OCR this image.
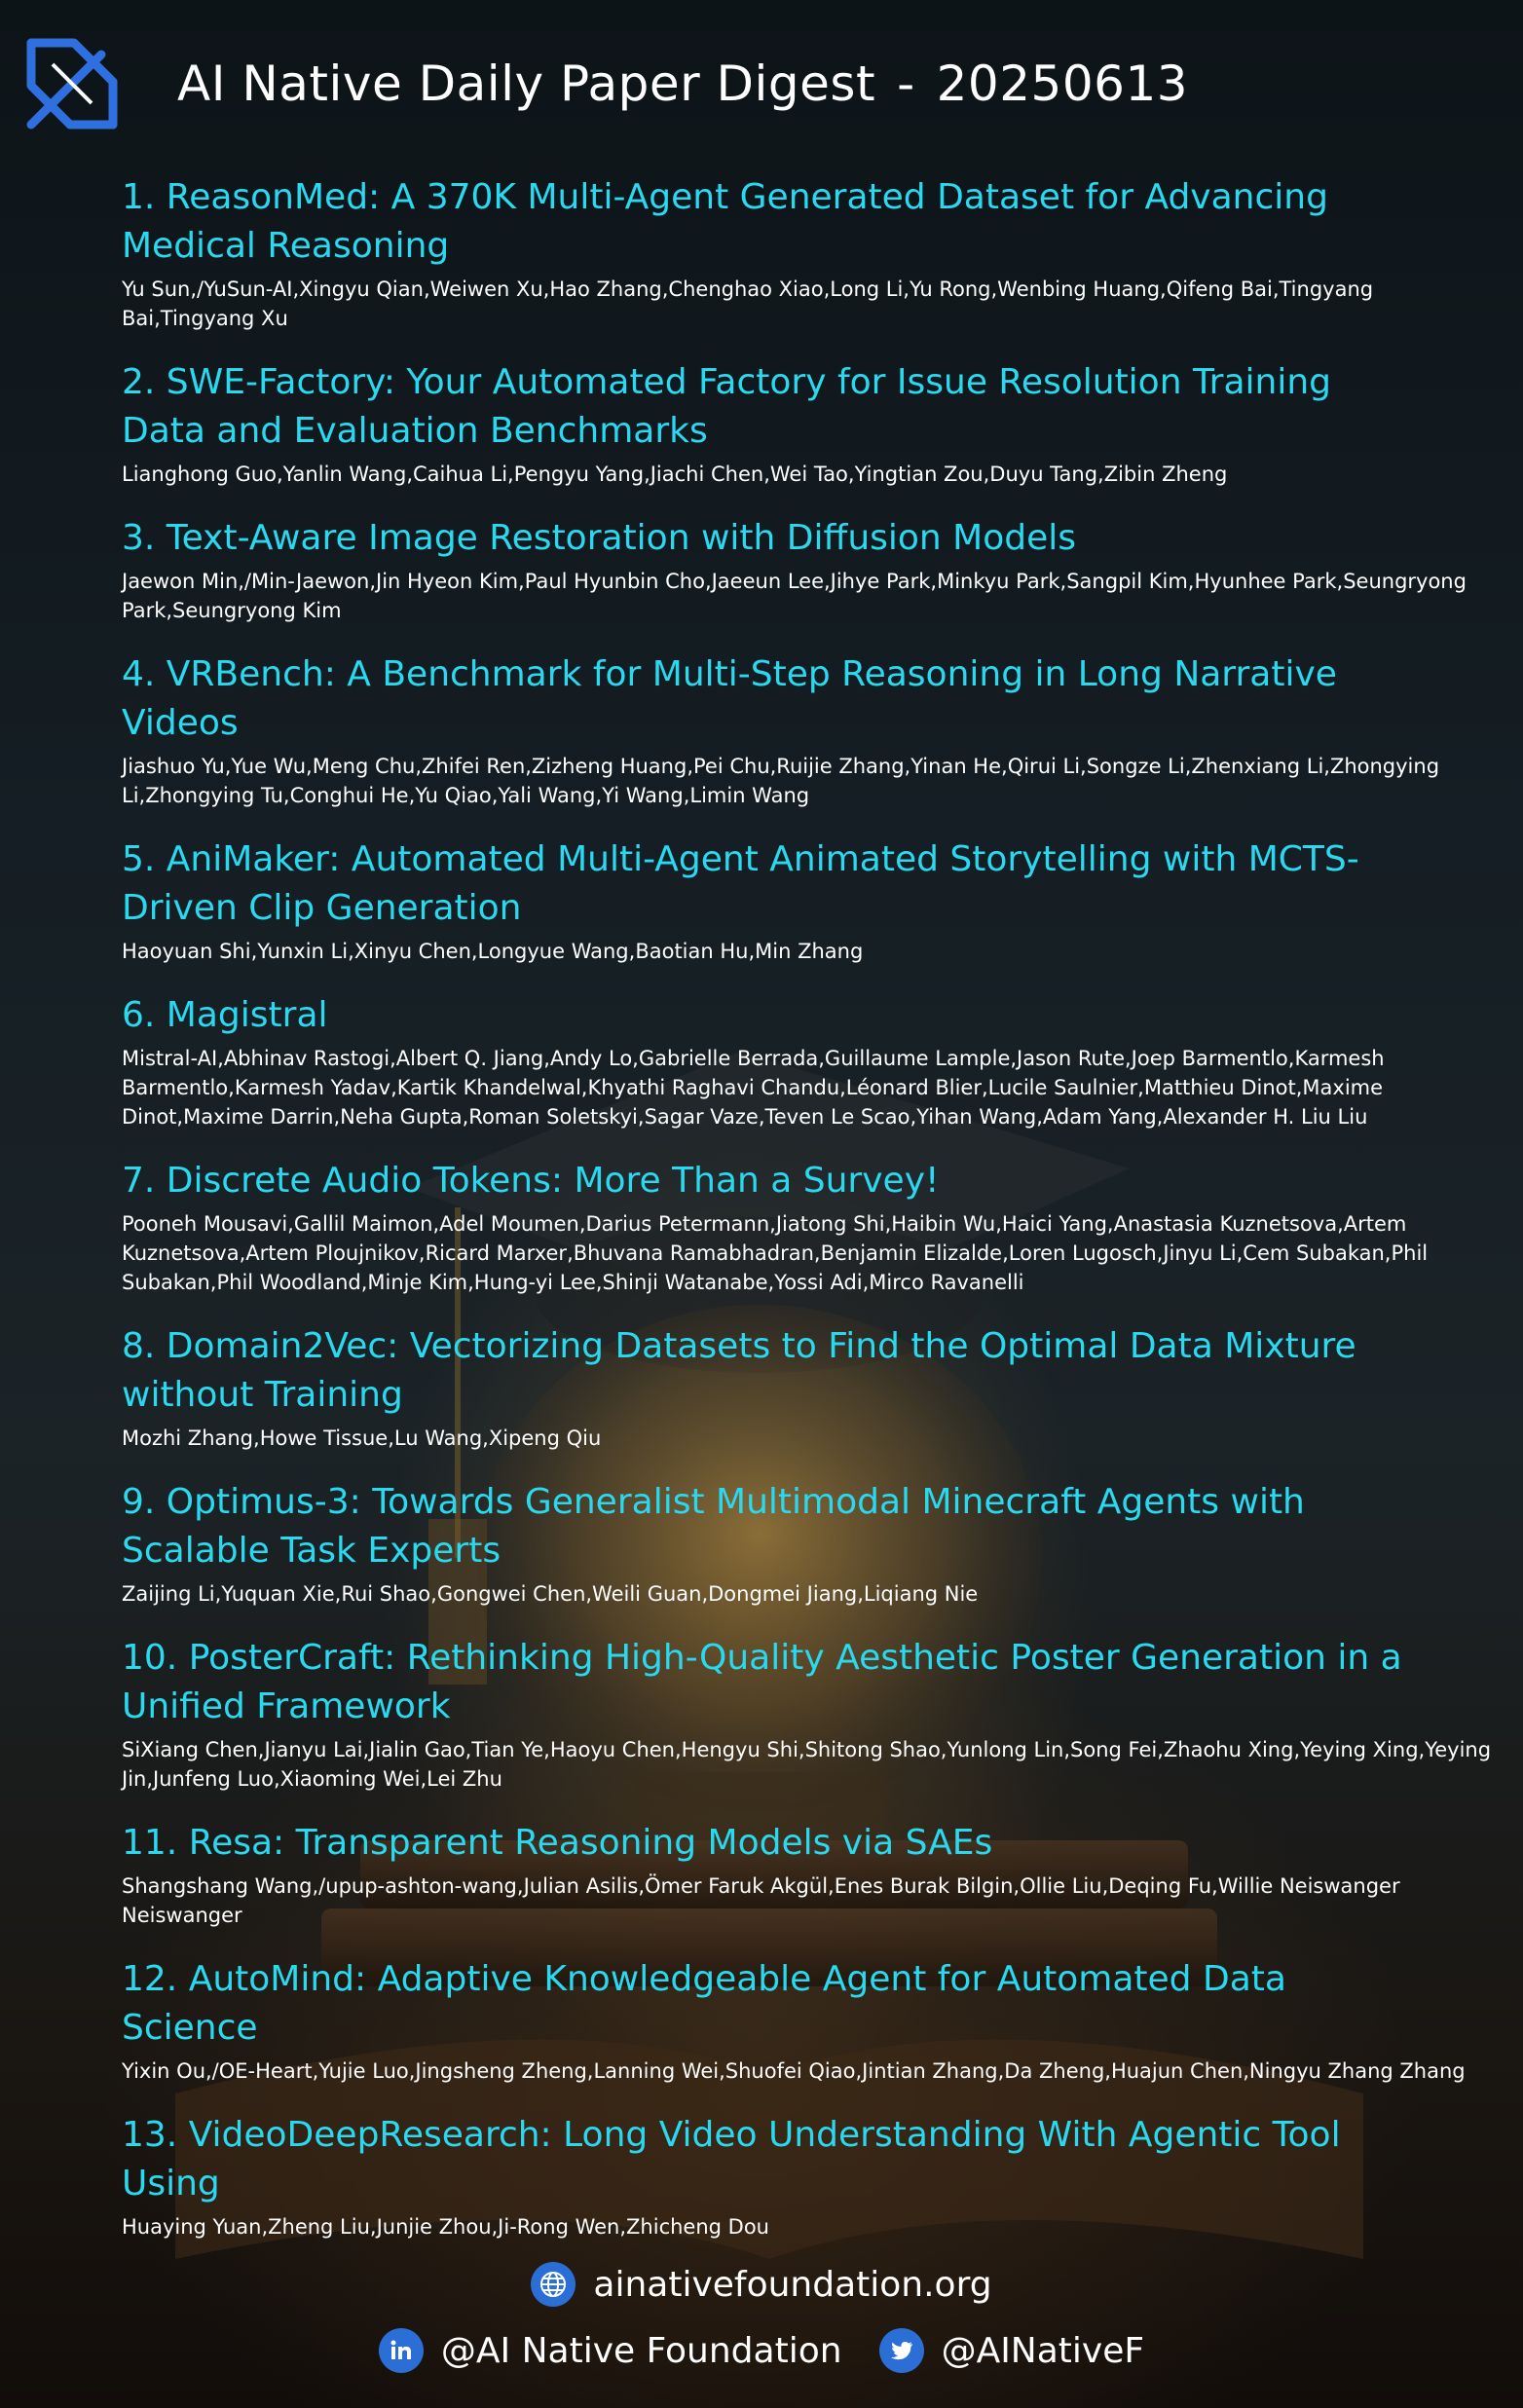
AI Native Daily Paper Digest - 20250613
1. ReasonMed: A 370K Multi-Agent Generated Dataset for Advancing Medical Reasoning
Yu Sun,/YuSun-AI,Xingyu Qian,Weiwen Xu,Hao Zhang,Chenghao Xiao,Long Li,Yu Rong,Wenbing Huang,Qifeng Bai,Tingyang Bai,Tingyang Xu
2. SWE-Factory: Your Automated Factory for Issue Resolution Training Data and Evaluation Benchmarks
Lianghong Guo,Yanlin Wang,Caihua Li,Pengyu Yang,Jiachi Chen,Wei Tao,Yingtian Zou,Duyu Tang,Zibin Zheng
3. Text-Aware Image Restoration with Diffusion Models
Jaewon Min,/Min-Jaewon,Jin Hyeon Kim,Paul Hyunbin Cho,Jaeeun Lee,Jihye Park,Minkyu Park,Sangpil Kim,Hyunhee Park,Seungryong Park,Seungryong Kim
4. VRBench: A Benchmark for Multi-Step Reasoning in Long Narrative Videos
Jiashuo Yu,Yue Wu,Meng Chu,Zhifei Ren,Zizheng Huang,Pei Chu,Ruijie Zhang,Yinan He,Qirui Li,Songze Li,Zhenxiang Li,Zhongying Li,Zhongying Tu,Conghui He,Yu Qiao,Yali Wang,Yi Wang,Limin Wang
5. AniMaker: Automated Multi-Agent Animated Storytelling with MCTS-Driven Clip Generation
Haoyuan Shi,Yunxin Li,Xinyu Chen,Longyue Wang,Baotian Hu,Min Zhang
6. Magistral
Mistral-AI,Abhinav Rastogi,Albert Q. Jiang,Andy Lo,Gabrielle Berrada,Guillaume Lample,Jason Rute,Joep Barmentlo,Karmesh Barmentlo,Karmesh Yadav,Kartik Khandelwal,Khyathi Raghavi Chandu,Léonard Blier,Lucile Saulnier,Matthieu Dinot,Maxime Dinot,Maxime Darrin,Neha Gupta,Roman Soletskyi,Sagar Vaze,Teven Le Scao,Yihan Wang,Adam Yang,Alexander H. Liu Liu
7. Discrete Audio Tokens: More Than a Survey!
Pooneh Mousavi,Gallil Maimon,Adel Moumen,Darius Petermann,Jiatong Shi,Haibin Wu,Haici Yang,Anastasia Kuznetsova,Artem Kuznetsova,Artem Ploujnikov,Ricard Marxer,Bhuvana Ramabhadran,Benjamin Elizalde,Loren Lugosch,Jinyu Li,Cem Subakan,Phil Subakan,Phil Woodland,Minje Kim,Hung-yi Lee,Shinji Watanabe,Yossi Adi,Mirco Ravanelli
8. Domain2Vec: Vectorizing Datasets to Find the Optimal Data Mixture without Training
Mozhi Zhang,Howe Tissue,Lu Wang,Xipeng Qiu
9. Optimus-3: Towards Generalist Multimodal Minecraft Agents with Scalable Task Experts
Zaijing Li,Yuquan Xie,Rui Shao,Gongwei Chen,Weili Guan,Dongmei Jiang,Liqiang Nie
10. PosterCraft: Rethinking High-Quality Aesthetic Poster Generation in a Unified Framework
SiXiang Chen,Jianyu Lai,Jialin Gao,Tian Ye,Haoyu Chen,Hengyu Shi,Shitong Shao,Yunlong Lin,Song Fei,Zhaohu Xing,Yeying Xing,Yeying Jin,Junfeng Luo,Xiaoming Wei,Lei Zhu
11. Resa: Transparent Reasoning Models via SAEs
Shangshang Wang,/upup-ashton-wang,Julian Asilis,Ömer Faruk Akgül,Enes Burak Bilgin,Ollie Liu,Deqing Fu,Willie Neiswanger Neiswanger
12. AutoMind: Adaptive Knowledgeable Agent for Automated Data Science
Yixin Ou,/OE-Heart,Yujie Luo,Jingsheng Zheng,Lanning Wei,Shuofei Qiao,Jintian Zhang,Da Zheng,Huajun Chen,Ningyu Zhang Zhang
13. VideoDeepResearch: Long Video Understanding With Agentic Tool Using
Huaying Yuan,Zheng Liu,Junjie Zhou,Ji-Rong Wen,Zhicheng Dou
ainativefoundation.org
@AI Native Foundation	@AINativeF
